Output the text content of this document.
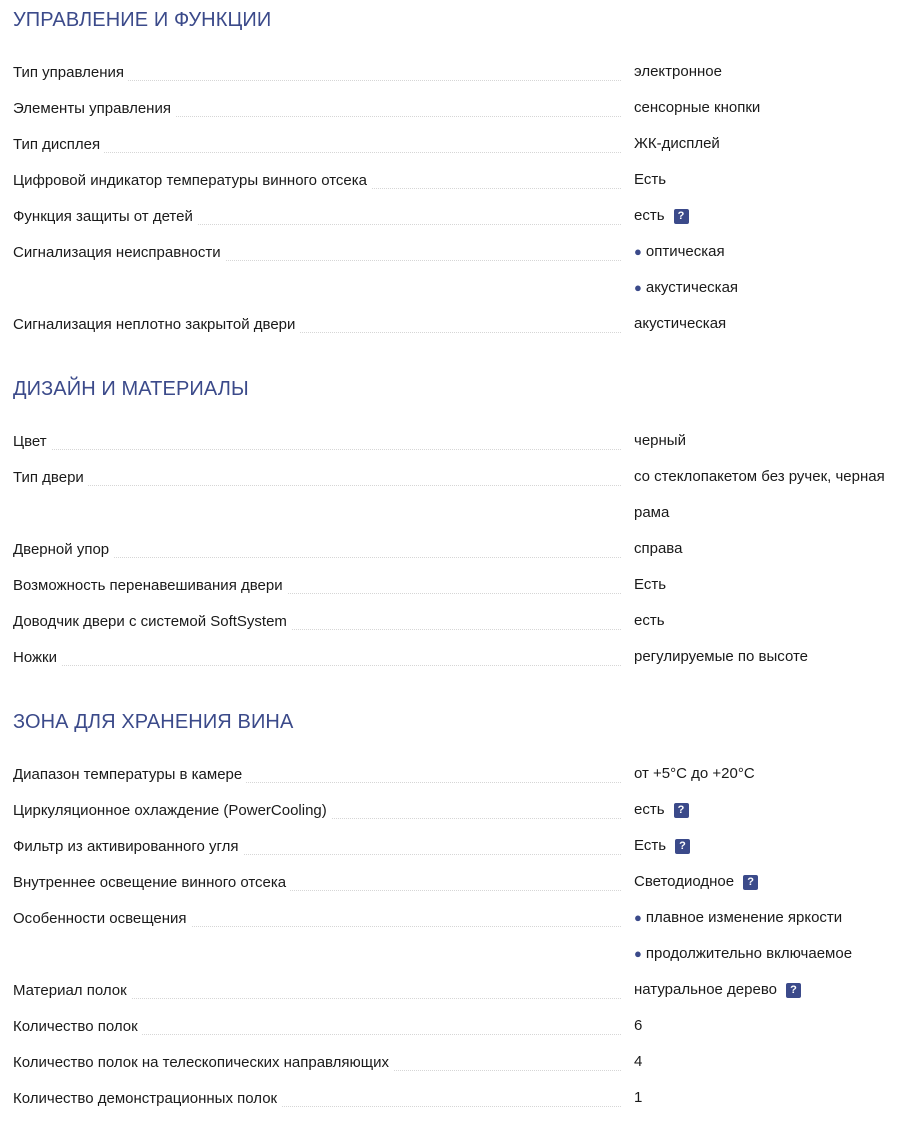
УПРАВЛЕНИЕ И ФУНКЦИИ
Тип управления	электронное
Элементы управления	сенсорные кнопки
Тип дисплея	ЖК-дисплей
Цифровой индикатор температуры винного отсека	Есть
Функция защиты от детей	есть	?
Сигнализация неисправности	● оптическая
● акустическая
Сигнализация неплотно закрытой двери	акустическая
ДИЗАЙН И МАТЕРИАЛЫ
Цвет	черный
Тип двери	со стеклопакетом без ручек, черная
рама
Дверной упор	справа
Возможность перенавешивания двери	Есть
Доводчик двери с системой SoftSystem	есть
Ножки	регулируемые по высоте
ЗОНА ДЛЯ ХРАНЕНИЯ ВИНА
Диапазон температуры в камере	от +5°С до +20°С
Циркуляционное охлаждение (PowerCooling)	есть	?
Фильтр из активированного угля	Есть	?
Внутреннее освещение винного отсека	Светодиодное	?
Особенности освещения	● плавное изменение яркости
● продолжительно включаемое
Материал полок	натуральное дерево	?
Количество полок	6
Количество полок на телескопических направляющих	4
Количество демонстрационных полок	1
